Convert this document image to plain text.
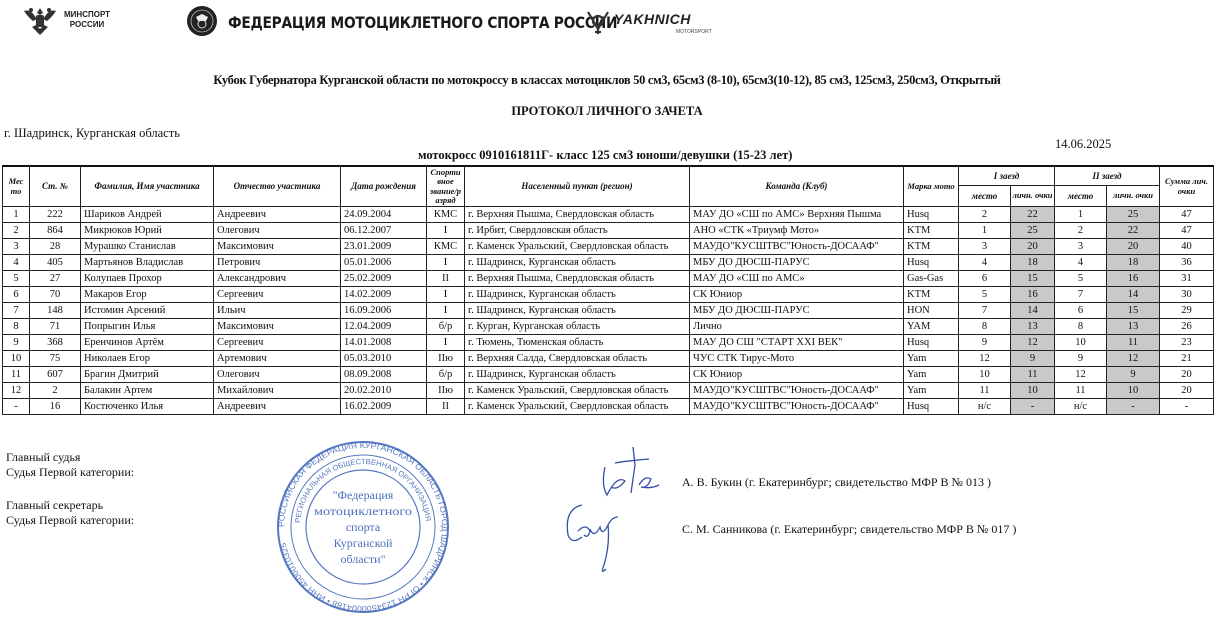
МИНСПОРТ
РОССИИ	ФЕДЕРАЦИЯ МОТОЦИКЛЕТНОГО СПОРТА РОССИИ
YAKHNICH
MOTORSPORT
Кубок Губернатора Курганской области по мотокроссу в классах мотоциклов 50 см3, 65см3 (8-10), 65см3(10-12), 85 см3, 125см3, 250см3, Открытый
ПРОТОКОЛ ЛИЧНОГО ЗАЧЕТА
г. Шадринск, Курганская область
14.06.2025
мотокросс 0910161811Г- класс 125 см3 юноши/девушки (15-23 лет)
Мес то	Ст. №	Фамилия, Имя участника	Отчество участника	Дата рождения	Спорти вное звание/р азряд	Населенный пункт (регион)	Команда (Клуб)	Марка мото	I заезд		II заезд		Сумма лич. очки
									место	личн. очки	место	личн. очки	
1	222	Шариков Андрей	Андреевич	24.09.2004	КМС	г. Верхняя Пышма, Свердловская область	МАУ ДО «СШ по АМС» Верхняя Пышма	Husq	2	22	1	25	47
2	864	Микрюков Юрий	Олегович	06.12.2007	I	г. Ирбит, Свердловская область	АНО «СТК «Триумф Мото»	KTM	1	25	2	22	47
3	28	Мурашко Станислав	Максимович	23.01.2009	КМС	г. Каменск Уральский, Свердловская область	МАУДО"КУСШТВС"Юность-ДОСААФ"	KTM	3	20	3	20	40
4	405	Мартьянов Владислав	Петрович	05.01.2006	I	г. Шадринск, Курганская область	МБУ ДО ДЮСШ-ПАРУС	Husq	4	18	4	18	36
5	27	Колупаев Прохор	Александрович	25.02.2009	II	г. Верхняя Пышма, Свердловская область	МАУ ДО «СШ по АМС»	Gas-Gas	6	15	5	16	31
6	70	Макаров Егор	Сергеевич	14.02.2009	I	г. Шадринск, Курганская область	СК Юниор	KTM	5	16	7	14	30
7	148	Истомин Арсений	Ильич	16.09.2006	I	г. Шадринск, Курганская область	МБУ ДО ДЮСШ-ПАРУС	HON	7	14	6	15	29
8	71	Попрыгин Илья	Максимович	12.04.2009	б/р	г. Курган, Курганская область	Лично	YAM	8	13	8	13	26
9	368	Еренчинов Артём	Сергеевич	14.01.2008	I	г. Тюмень, Тюменская область	МАУ ДО СШ "СТАРТ XXI ВЕК"	Husq	9	12	10	11	23
10	75	Николаев Егор	Артемович	05.03.2010	IIю	г. Верхняя Салда, Свердловская область	ЧУС СТК Тирус-Мото	Yam	12	9	9	12	21
11	607	Брагин Дмитрий	Олегович	08.09.2008	б/р	г. Шадринск, Курганская область	СК Юниор	Yam	10	11	12	9	20
12	2	Балакин Артем	Михайлович	20.02.2010	IIю	г. Каменск Уральский, Свердловская область	МАУДО"КУСШТВС"Юность-ДОСААФ"	Yam	11	10	11	10	20
-	16	Костюченко Илья	Андреевич	16.02.2009	II	г. Каменск Уральский, Свердловская область	МАУДО"КУСШТВС"Юность-ДОСААФ"	Husq	н/с	-	н/с	-	-
Главный судья
Судья Первой категории:
Главный секретарь
Судья Первой категории:	РОССИЙСКАЯ ФЕДЕРАЦИЯ КУРГАНСКАЯ ОБЛАСТЬ ГОРОД ШАДРИНСК • ОГРН 1234500004188 • ИНН 4500010325
РЕГИОНАЛЬНАЯ ОБЩЕСТВЕННАЯ ОРГАНИЗАЦИЯ
"Федерация
мотоциклетного
спорта
Курганской
области"
А. В. Букин (г. Екатеринбург; свидетельство МФР В № 013 )
С. М. Санникова (г. Екатеринбург; свидетельство МФР В № 017 )
